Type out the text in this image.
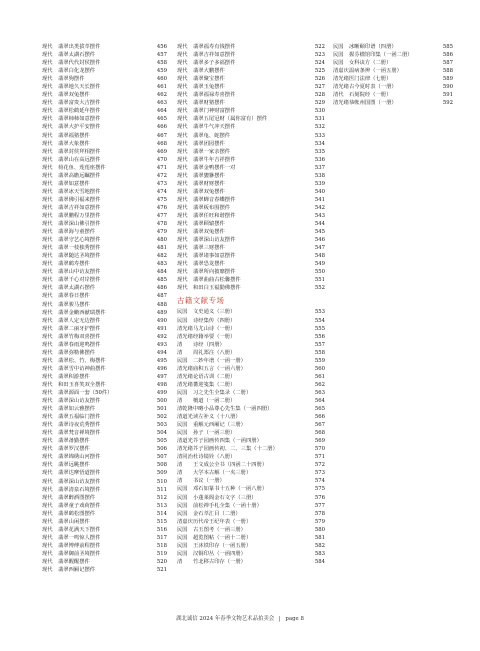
现代	翡翠出类拔萃摆件	456
现代	翡翠太湖石摆件	457
现代	翡翠代代封侯摆件	458
现代	翡翠白化龙摆件	459
现代	翡翠狗摆件	460
现代	翡翠地久天长摆件	461
现代	翡翠双兔摆件	462
现代	翡翠富贵大吉摆件	463
现代	翡翠松鹤延年摆件	464
现代	翡翠柿柿如意摆件	465
现代	翡翠大护平安摆件	466
现代	翡翠福猪摆件	467
现代	翡翠大象摆件	468
现代	翡翠封侯拜相摆件	469
现代	翡翠山在高远摆件	470
现代	荷花鱼、莲莲座摆件	471
现代	翡翠高瞻远瞩摆件	472
现代	翡翠如意摆件	473
现代	翡翠冰天雪地摆件	474
现代	翡翠佛引福来摆件	475
现代	翡翠吉祥如意摆件	476
现代	翡翠鹏程万里摆件	477
现代	翡翠深山佛引摆件	478
现代	翡翠海与童摆件	479
现代	翡翠守艺心境摆件	480
现代	翡翠一枝独秀摆件	481
现代	翡翠随达圣境摆件	482
现代	翡翠鹤寿摆件	483
现代	翡翠山中访友摆件	484
现代	翡翠千心对岸摆件	485
现代	翡翠太湖石摆件	486
现代	翡翠春日摆件	487
现代	翡翠骏马摆件	488
现代	翡翠金蟾西献瑞摆件	489
现代	翡翠人定无边摆件	490
现代	翡翠二丽牙护摆件	491
现代	翡翠竹梅双喜摆件	492
现代	翡翠春雨迎鸣摆件	493
现代	翡翠弥勒佛摆件	494
现代	翡翠松、竹、梅摆件	495
现代	翡翠雪中访神曲摆件	496
现代	翡翠积游摆件	497
现代	和田玉喜笑双全摆件	498
现代	翡翠源面一套（50件）	499
现代	翡翠深山访友摆件	500
现代	翡翠如云雅摆件	501
现代	翡翠五福临门摆件	502
现代	翡翠诗夜荒秀摆件	503
现代	翡翠梵音禅境摆件	504
现代	翡翠备勤摆件	505
现代	翡翠罗汉摆件	506
现代	翡翠锦绣山河摆件	507
现代	翡翠远眺摆件	508
现代	翡翠达摩悟道摆件	509
现代	翡翠深山访友摆件	510
现代	翡翠清泉石境摆件	511
现代	翡翠醉酒图摆件	512
现代	翡翠童子戏荷摆件	513
现代	翡翠鹤松图摆件	514
现代	翡翠山闲摆件	515
现代	翡翠花满天下摆件	516
现代	翡翠一鸣惊人摆件	517
现代	翡翠博傅前程摆件	518
现代	翡翠御前圣境摆件	519
现代	翡翠醒醒摆件	520
现代	翡翠西厢记摆件	521
现代	翡翠福寿有钱摆件	522
现代	翡翠吉祥如意摆件	523
现代	翡翠多子多福摆件	524
现代	翡翠大鹏摆件	525
现代	翡翠聚宝摆件	526
现代	翡翠玉兔摆件	527
现代	翡翠福禄寿喜摆件	528
现代	翡翠财猪摆件	529
现代	翡翠门神财富摆件	530
现代	翡翠五尾冠财（属你富有）摆件	531
现代	翡翠牛气冲天摆件	532
现代	翡翠龟、蛇摆件	533
现代	翡翠团园摆件	534
现代	翡翠一家亲摆件	535
现代	翡翠牛年吉祥摆件	536
现代	翡翠金鸭摆件一对	537
现代	翡翠貔貅摆件	538
现代	翡翠财财摆件	539
现代	翡翠双兔摆件	540
现代	翡翠蝉音春蝶摆件	541
现代	翡翠板布围摆件	542
现代	翡翠任旺和谐摆件	543
现代	翡翠顾辕摆件	544
现代	翡翠双兔摆件	545
现代	翡翠深山访友摆件	546
现代	翡翠三财摆件	547
现代	翡翠诸事如意摆件	548
现代	翡翠恐龙摆件	549
现代	翡翠所向披靡摆件	550
现代	翡翠曲曲古松馨摆件	551
现代	和田白玉福勤佛摆件	552
古籍文献专场
民国	文史通义（三册）	553
民国	诗经集传（四册）	554
清光绪 马尤山诗（一册）	555
清光绪 经籍举要（一册）	556
清	诗经（四册）	557
清	周礼郑注（八册）	558
民国	二妙年谱（一函一册）	559
清光绪 庙积五言（一函六册）	560
清光绪 论语古训（二册）	561
清光绪 蕃迎笺集（二册）	562
民国	习之先生全集录（二册）	563
清	檀道（一函二册）	564
清乾隆 中略小品尊心先生集（一函四册）	565
清道光 读左补义（十八册）	566
民国	重解元西厢记（三册）	567
民国	孙子（一函三册）	568
清道光 芥子园画传四集（一函四册）	569
清光绪 芥子园画传初、二、三集（十二册）	570
清同治 杜诗镜铨（八册）	571
清	王文成公全书（四函二十四册）	572
清	大学本古解（一夹三册）	573
清	书议（一册）	574
民国	邓石如篆书十五种（一函八册）	575
民国	小蓬莱阁金石文字（三册）	576
民国	前松禅手札全集（一函十册）	577
民国	金石萃汇目（二册）	578
清嘉庆 历代帝王纪年表（一册）	579
民国	古玉图考（一函三册）	580
民国	超览图帖（一函十二册）	581
民国	王沐铁印存（一函五册）	582
民国	汉铜印丛（一函四册）	583
清	竹北移古印存（一册）	584
民国	冰晰颐印谱（四册）	585
民国	握芬楹馆印集（一函二册）	586
民国	女科诀方（二册）	587
清嘉庆 温病条辨（一函五册）	588
清光绪 医门法律（七册）	589
清光绪 古今夏时表（一册）	590
清代	石刻院经（一册）	591
清光绪 恭帐州国图（一册）	592
湖北诚信 2024 年春季文物艺术品拍卖会 | page 8
